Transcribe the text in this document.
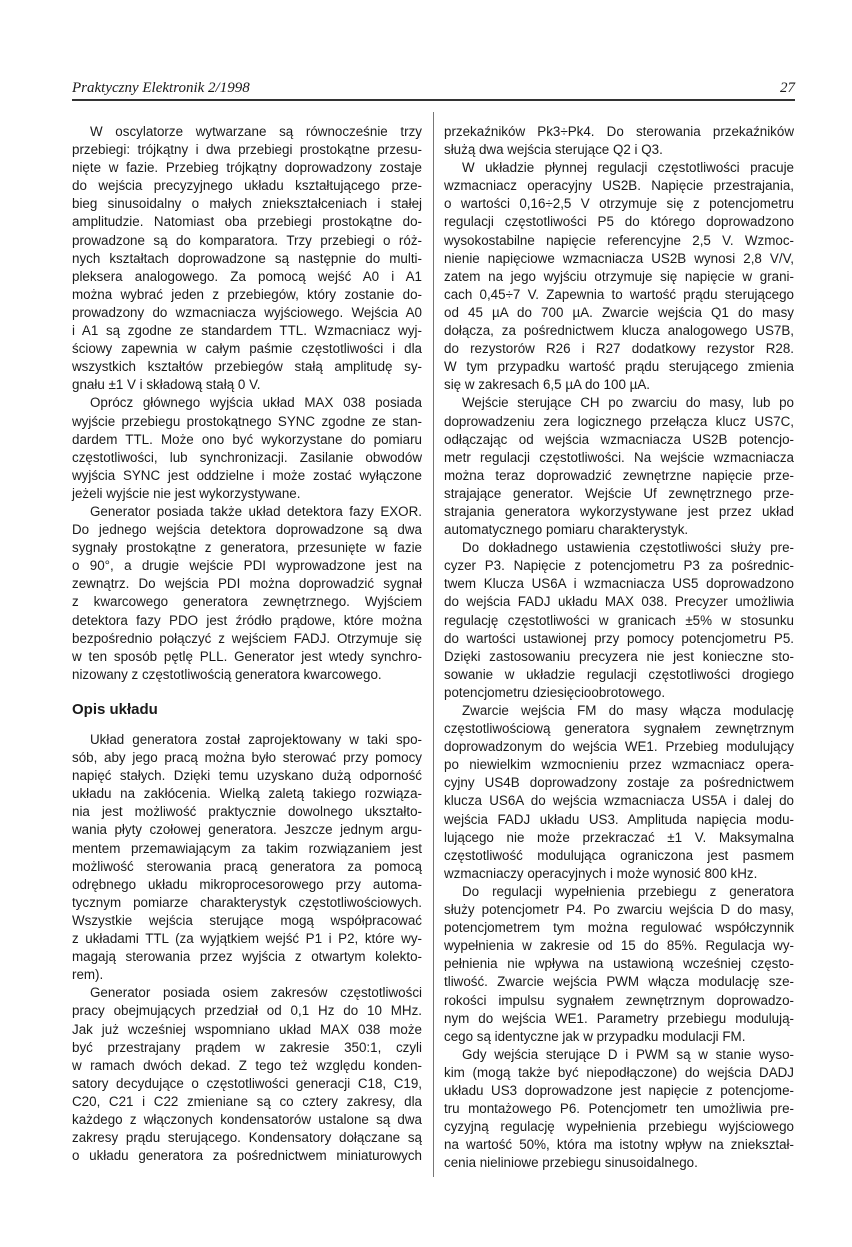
Praktyczny Elektronik 2/1998	27
W oscylatorze wytwarzane są równocześnie trzy
przebiegi: trójkątny i dwa przebiegi prostokątne przesu-
nięte w fazie. Przebieg trójkątny doprowadzony zostaje
do wejścia precyzyjnego układu kształtującego prze-
bieg sinusoidalny o małych zniekształceniach i stałej
amplitudzie. Natomiast oba przebiegi prostokątne do-
prowadzone są do komparatora. Trzy przebiegi o róż-
nych kształtach doprowadzone są następnie do multi-
pleksera analogowego. Za pomocą wejść A0 i A1
można wybrać jeden z przebiegów, który zostanie do-
prowadzony do wzmacniacza wyjściowego. Wejścia A0
i A1 są zgodne ze standardem TTL. Wzmacniacz wyj-
ściowy zapewnia w całym paśmie częstotliwości i dla
wszystkich kształtów przebiegów stałą amplitudę sy-
gnału ±1 V i składową stałą 0 V.
Oprócz głównego wyjścia układ MAX 038 posiada
wyjście przebiegu prostokątnego SYNC zgodne ze stan-
dardem TTL. Może ono być wykorzystane do pomiaru
częstotliwości, lub synchronizacji. Zasilanie obwodów
wyjścia SYNC jest oddzielne i może zostać wyłączone
jeżeli wyjście nie jest wykorzystywane.
Generator posiada także układ detektora fazy EXOR.
Do jednego wejścia detektora doprowadzone są dwa
sygnały prostokątne z generatora, przesunięte w fazie
o 90°, a drugie wejście PDI wyprowadzone jest na
zewnątrz. Do wejścia PDI można doprowadzić sygnał
z kwarcowego generatora zewnętrznego. Wyjściem
detektora fazy PDO jest źródło prądowe, które można
bezpośrednio połączyć z wejściem FADJ. Otrzymuje się
w ten sposób pętlę PLL. Generator jest wtedy synchro-
nizowany z częstotliwością generatora kwarcowego.
Opis układu
Układ generatora został zaprojektowany w taki spo-
sób, aby jego pracą można było sterować przy pomocy
napięć stałych. Dzięki temu uzyskano dużą odporność
układu na zakłócenia. Wielką zaletą takiego rozwiąza-
nia jest możliwość praktycznie dowolnego ukształto-
wania płyty czołowej generatora. Jeszcze jednym argu-
mentem przemawiającym za takim rozwiązaniem jest
możliwość sterowania pracą generatora za pomocą
odrębnego układu mikroprocesorowego przy automa-
tycznym pomiarze charakterystyk częstotliwościowych.
Wszystkie wejścia sterujące mogą współpracować
z układami TTL (za wyjątkiem wejść P1 i P2, które wy-
magają sterowania przez wyjścia z otwartym kolekto-
rem).
Generator posiada osiem zakresów częstotliwości
pracy obejmujących przedział od 0,1 Hz do 10 MHz.
Jak już wcześniej wspomniano układ MAX 038 może
być przestrajany prądem w zakresie 350:1, czyli
w ramach dwóch dekad. Z tego też względu konden-
satory decydujące o częstotliwości generacji C18, C19,
C20, C21 i C22 zmieniane są co cztery zakresy, dla
każdego z włączonych kondensatorów ustalone są dwa
zakresy prądu sterującego. Kondensatory dołączane są
o układu generatora za pośrednictwem miniaturowych
przekaźników Pk3÷Pk4. Do sterowania przekaźników
służą dwa wejścia sterujące Q2 i Q3.
W układzie płynnej regulacji częstotliwości pracuje
wzmacniacz operacyjny US2B. Napięcie przestrajania,
o wartości 0,16÷2,5 V otrzymuje się z potencjometru
regulacji częstotliwości P5 do którego doprowadzono
wysokostabilne napięcie referencyjne 2,5 V. Wzmoc-
nienie napięciowe wzmacniacza US2B wynosi 2,8 V/V,
zatem na jego wyjściu otrzymuje się napięcie w grani-
cach 0,45÷7 V. Zapewnia to wartość prądu sterującego
od 45 µA do 700 µA. Zwarcie wejścia Q1 do masy
dołącza, za pośrednictwem klucza analogowego US7B,
do rezystorów R26 i R27 dodatkowy rezystor R28.
W tym przypadku wartość prądu sterującego zmienia
się w zakresach 6,5 µA do 100 µA.
Wejście sterujące CH po zwarciu do masy, lub po
doprowadzeniu zera logicznego przełącza klucz US7C,
odłączając od wejścia wzmacniacza US2B potencjo-
metr regulacji częstotliwości. Na wejście wzmacniacza
można teraz doprowadzić zewnętrzne napięcie prze-
strajające generator. Wejście Uf zewnętrznego prze-
strajania generatora wykorzystywane jest przez układ
automatycznego pomiaru charakterystyk.
Do dokładnego ustawienia częstotliwości służy pre-
cyzer P3. Napięcie z potencjometru P3 za pośrednic-
twem Klucza US6A i wzmacniacza US5 doprowadzono
do wejścia FADJ układu MAX 038. Precyzer umożliwia
regulację częstotliwości w granicach ±5% w stosunku
do wartości ustawionej przy pomocy potencjometru P5.
Dzięki zastosowaniu precyzera nie jest konieczne sto-
sowanie w układzie regulacji częstotliwości drogiego
potencjometru dziesięcioobrotowego.
Zwarcie wejścia FM do masy włącza modulację
częstotliwościową generatora sygnałem zewnętrznym
doprowadzonym do wejścia WE1. Przebieg modulujący
po niewielkim wzmocnieniu przez wzmacniacz opera-
cyjny US4B doprowadzony zostaje za pośrednictwem
klucza US6A do wejścia wzmacniacza US5A i dalej do
wejścia FADJ układu US3. Amplituda napięcia modu-
lującego nie może przekraczać ±1 V. Maksymalna
częstotliwość modulująca ograniczona jest pasmem
wzmacniaczy operacyjnych i może wynosić 800 kHz.
Do regulacji wypełnienia przebiegu z generatora
służy potencjometr P4. Po zwarciu wejścia D do masy,
potencjometrem tym można regulować współczynnik
wypełnienia w zakresie od 15 do 85%. Regulacja wy-
pełnienia nie wpływa na ustawioną wcześniej często-
tliwość. Zwarcie wejścia PWM włącza modulację sze-
rokości impulsu sygnałem zewnętrznym doprowadzo-
nym do wejścia WE1. Parametry przebiegu modulują-
cego są identyczne jak w przypadku modulacji FM.
Gdy wejścia sterujące D i PWM są w stanie wyso-
kim (mogą także być niepodłączone) do wejścia DADJ
układu US3 doprowadzone jest napięcie z potencjome-
tru montażowego P6. Potencjometr ten umożliwia pre-
cyzyjną regulację wypełnienia przebiegu wyjściowego
na wartość 50%, która ma istotny wpływ na zniekształ-
cenia nieliniowe przebiegu sinusoidalnego.
